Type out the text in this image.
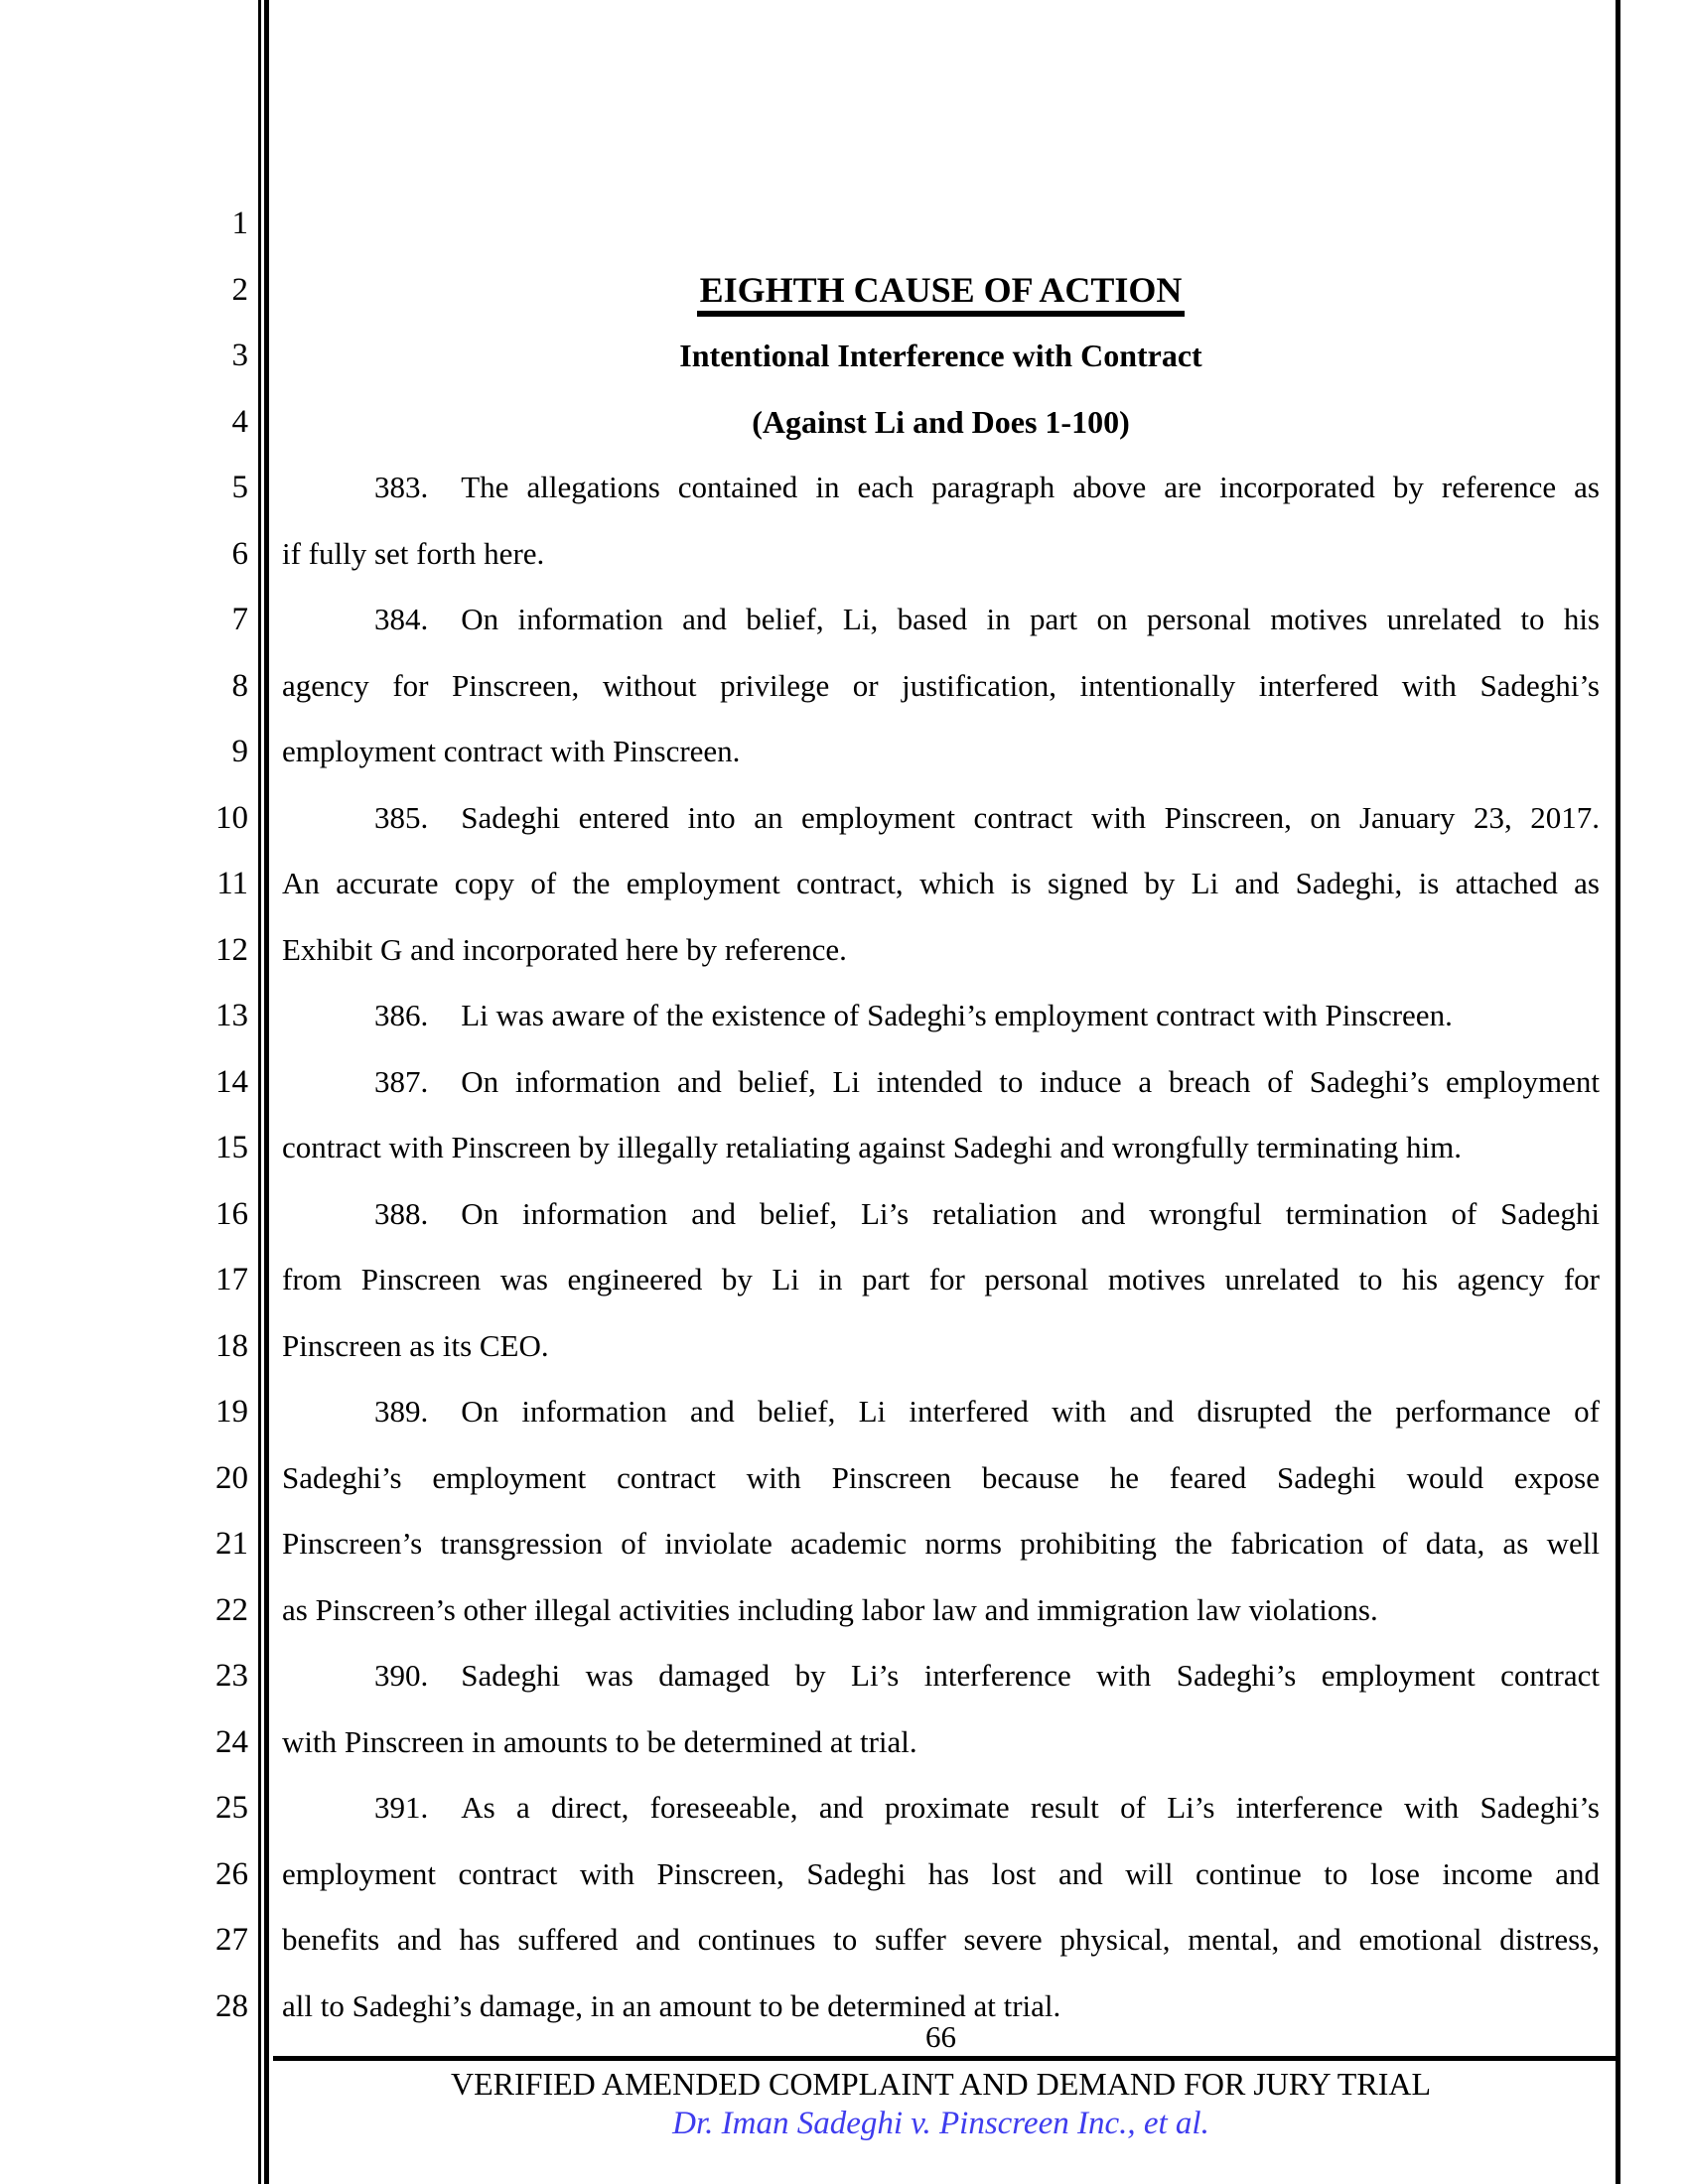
1
2
3
4
5
6
7
8
9
10
11
12
13
14
15
16
17
18
19
20
21
22
23
24
25
26
27
28
EIGHTH CAUSE OF ACTION
Intentional Interference with Contract
(Against Li and Does 1-100)
383. The allegations contained in each paragraph above are incorporated by reference as
if fully set forth here.
384. On information and belief, Li, based in part on personal motives unrelated to his
agency for Pinscreen, without privilege or justification, intentionally interfered with Sadeghi’s
employment contract with Pinscreen.
385. Sadeghi entered into an employment contract with Pinscreen, on January 23, 2017.
An accurate copy of the employment contract, which is signed by Li and Sadeghi, is attached as
Exhibit G and incorporated here by reference.
386. Li was aware of the existence of Sadeghi’s employment contract with Pinscreen.
387. On information and belief, Li intended to induce a breach of Sadeghi’s employment
contract with Pinscreen by illegally retaliating against Sadeghi and wrongfully terminating him.
388. On information and belief, Li’s retaliation and wrongful termination of Sadeghi
from Pinscreen was engineered by Li in part for personal motives unrelated to his agency for
Pinscreen as its CEO.
389. On information and belief, Li interfered with and disrupted the performance of
Sadeghi’s employment contract with Pinscreen because he feared Sadeghi would expose
Pinscreen’s transgression of inviolate academic norms prohibiting the fabrication of data, as well
as Pinscreen’s other illegal activities including labor law and immigration law violations.
390. Sadeghi was damaged by Li’s interference with Sadeghi’s employment contract
with Pinscreen in amounts to be determined at trial.
391. As a direct, foreseeable, and proximate result of Li’s interference with Sadeghi’s
employment contract with Pinscreen, Sadeghi has lost and will continue to lose income and
benefits and has suffered and continues to suffer severe physical, mental, and emotional distress,
all to Sadeghi’s damage, in an amount to be determined at trial.
66
VERIFIED AMENDED COMPLAINT AND DEMAND FOR JURY TRIAL
Dr. Iman Sadeghi v. Pinscreen Inc., et al.
